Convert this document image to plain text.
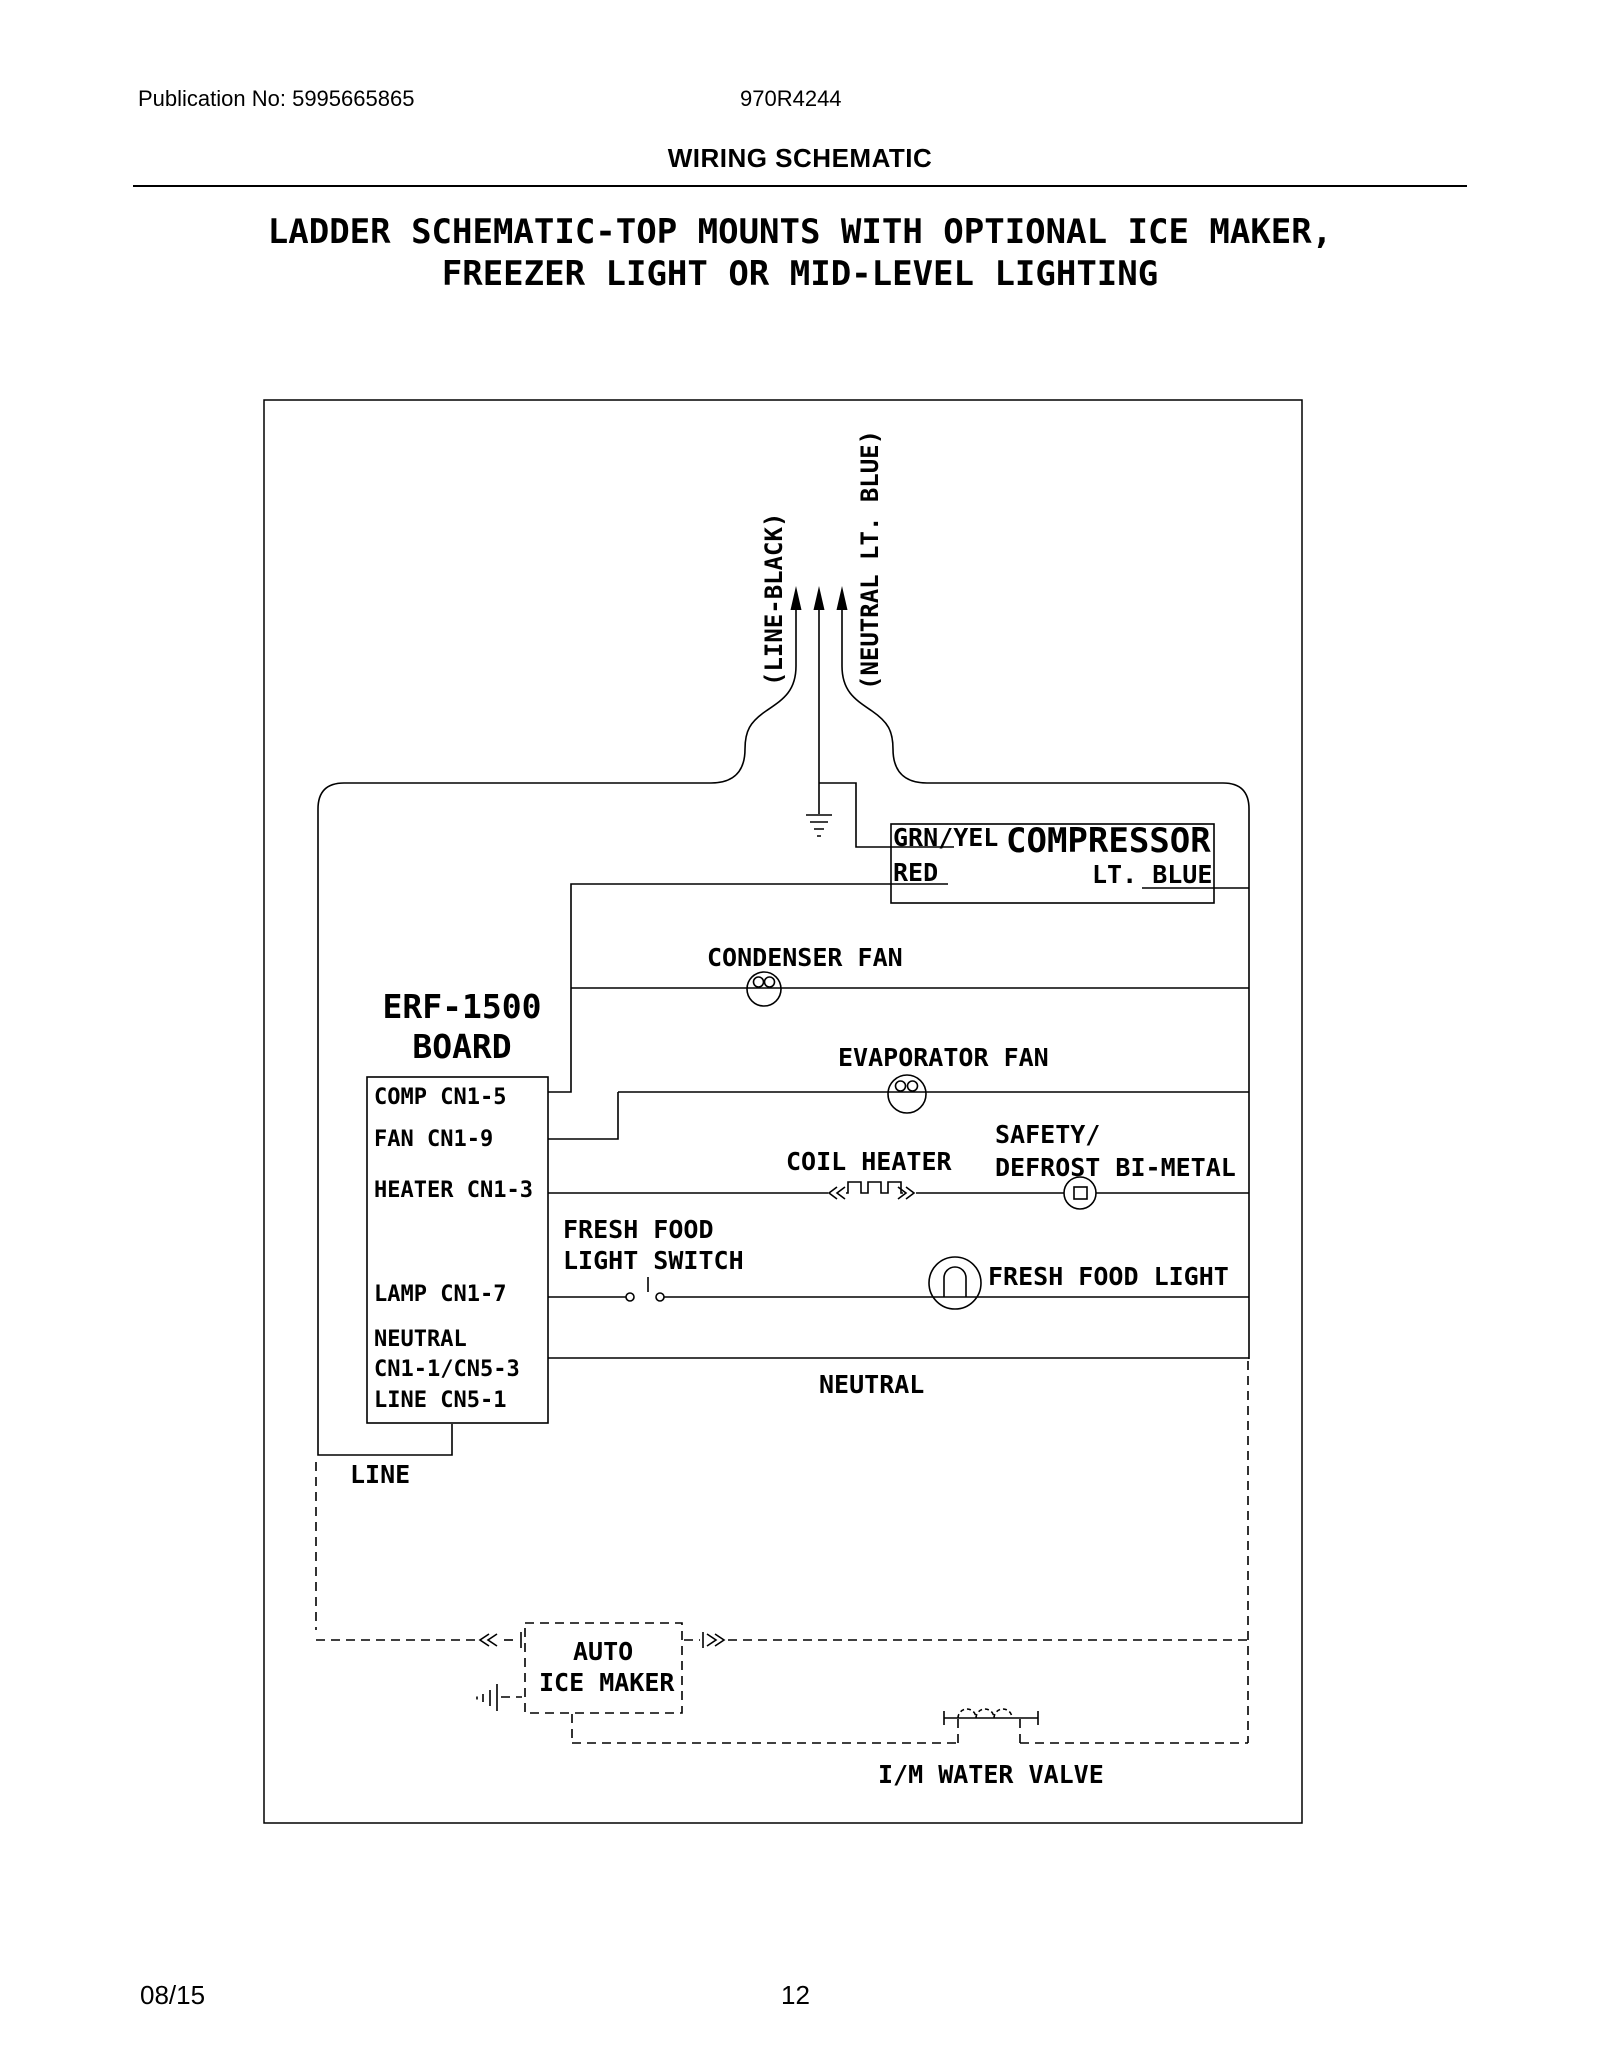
Publication No: 5995665865	970R4244
WIRING SCHEMATIC
LADDER SCHEMATIC-TOP MOUNTS WITH OPTIONAL ICE MAKER,
FREEZER LIGHT OR MID-LEVEL LIGHTING
(LINE-BLACK)	(NEUTRAL LT. BLUE)
GRN/YEL COMPRESSOR
RED	LT. BLUE
CONDENSER FAN
EVAPORATOR FAN
COIL HEATER
SAFETY/
DEFROST BI-METAL
FRESH FOOD
LIGHT SWITCH
FRESH FOOD LIGHT
NEUTRAL
LINE
AUTO
ICE MAKER
I/M WATER VALVE
ERF-1500
BOARD
COMP CN1-5
FAN CN1-9
HEATER CN1-3
LAMP CN1-7
NEUTRAL
CN1-1/CN5-3
LINE CN5-1
08/15	12
